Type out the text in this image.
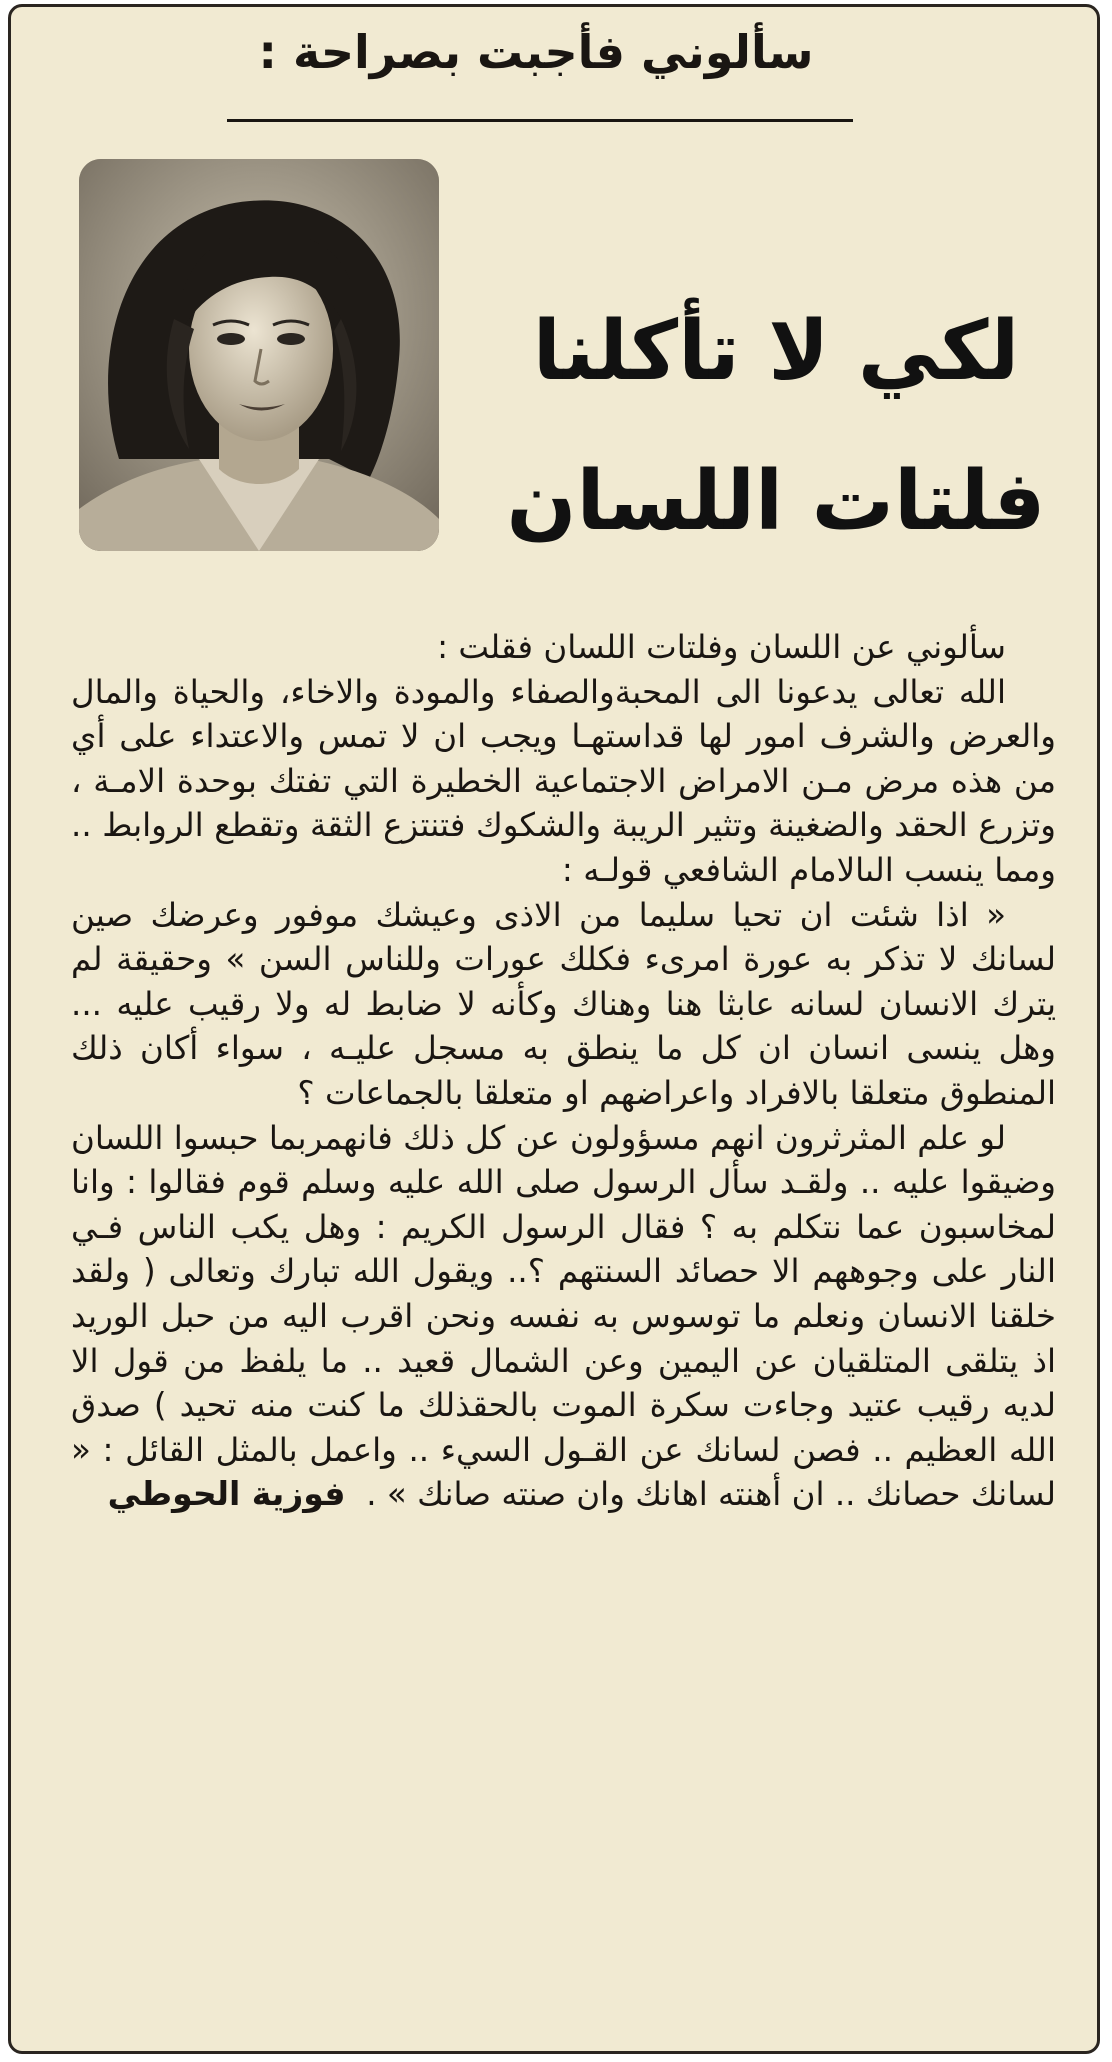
سألوني فأجبت بصراحة :
لكي لا تأكلنا
فلتات اللسان

سألوني عن اللسان وفلتات اللسان فقلت :

الله تعالى يدعونا الى المحبةوالصفاء والمودة والاخاء، والحياة والمال والعرض والشرف امور لها قداستهـا ويجب ان لا تمس والاعتداء على أي من هذه مرض مـن الامراض الاجتماعية الخطيرة التي تفتك بوحدة الامـة ، وتزرع الحقد والضغينة وتثير الريبة والشكوك فتنتزع الثقة وتقطع الروابط .. ومما ينسب الىالامام الشافعي قولـه :

« اذا شئت ان تحيا سليما من الاذى وعيشك موفور وعرضك صين لسانك لا تذكر به عورة امرىء فكلك عورات وللناس السن » وحقيقة لم يترك الانسان لسانه عابثا هنا وهناك وكأنه لا ضابط له ولا رقيب عليه ... وهل ينسى انسان ان كل ما ينطق به مسجل عليـه ، سواء أكان ذلك المنطوق متعلقا بالافراد واعراضهم او متعلقا بالجماعات ؟

لو علم المثرثرون انهم مسؤولون عن كل ذلك فانهمربما حبسوا اللسان وضيقوا عليه .. ولقـد سأل الرسول صلى الله عليه وسلم قوم فقالوا : وانا لمخاسبون عما نتكلم به ؟ فقال الرسول الكريم : وهل يكب الناس فـي النار على وجوههم الا حصائد السنتهم ؟.. ويقول الله تبارك وتعالى ( ولقد خلقنا الانسان ونعلم ما توسوس به نفسه ونحن اقرب اليه من حبل الوريد اذ يتلقى المتلقيان عن اليمين وعن الشمال قعيد .. ما يلفظ من قول الا لديه رقيب عتيد وجاءت سكرة الموت بالحقذلك ما كنت منه تحيد ) صدق الله العظيم .. فصن لسانك عن القـول السيء .. واعمل بالمثل القائل : « لسانك حصانك .. ان أهنته اهانك وان صنته صانك » .  فوزية الحوطي
